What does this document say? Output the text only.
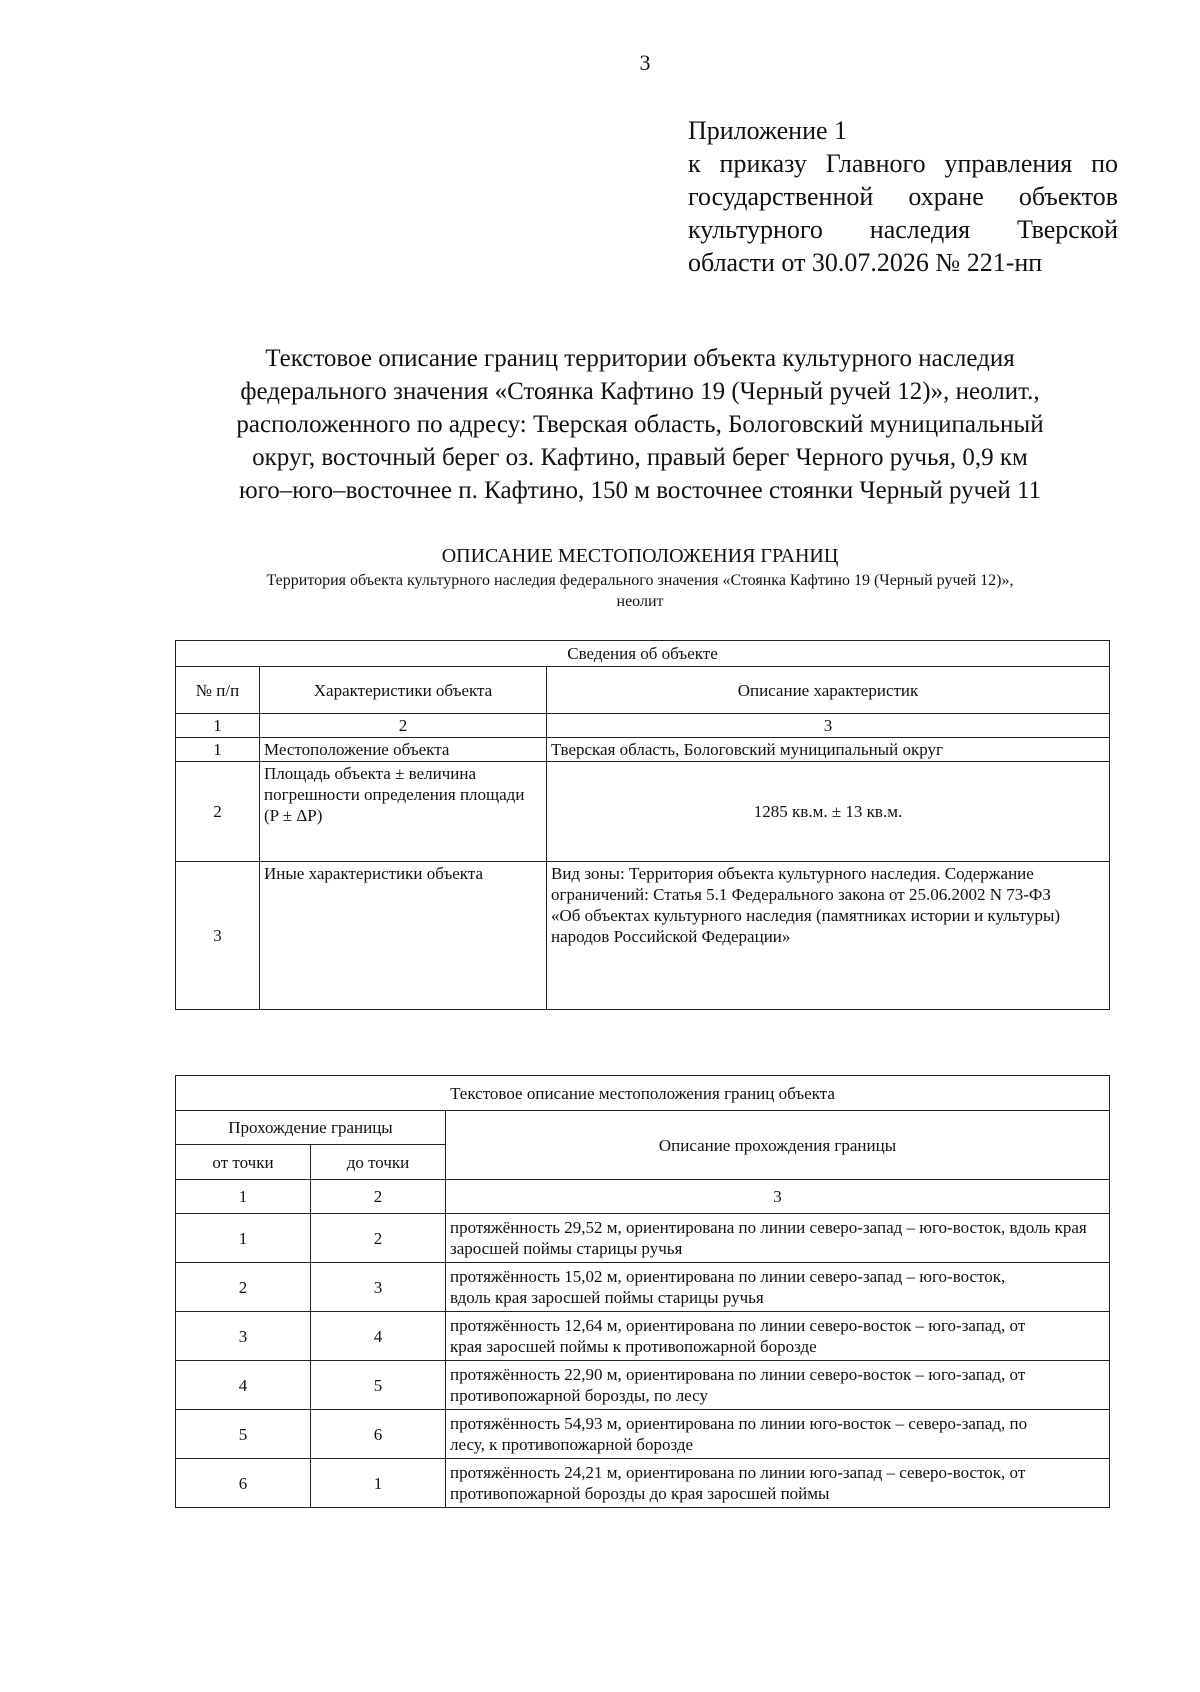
3
Приложение 1
к приказу Главного управления по
государственной охране объектов
культурного наследия Тверской
области от 30.07.2026 № 221-нп
Текстовое описание границ территории объекта культурного наследия
федерального значения «Стоянка Кафтино 19 (Черный ручей 12)», неолит.,
расположенного по адресу: Тверская область, Бологовский муниципальный
округ, восточный берег оз. Кафтино, правый берег Черного ручья, 0,9 км
юго–юго–восточнее п. Кафтино, 150 м восточнее стоянки Черный ручей 11
ОПИСАНИЕ МЕСТОПОЛОЖЕНИЯ ГРАНИЦ
Территория объекта культурного наследия федерального значения «Стоянка Кафтино 19 (Черный ручей 12)»,
неолит
Сведения об объекте		
№ п/п	Характеристики объекта	Описание характеристик
1	2	3
1	Местоположение объекта	Тверская область, Бологовский муниципальный округ
2	Площадь объекта ± величина погрешности определения площади (P ± ΔP)	1285 кв.м. ± 13 кв.м.
3	Иные характеристики объекта	Вид зоны: Территория объекта культурного наследия. Содержание ограничений: Статья 5.1 Федерального закона от 25.06.2002 N 73-ФЗ «Об объектах культурного наследия (памятниках истории и культуры) народов Российской Федерации»
Текстовое описание местоположения границ объекта		
Прохождение границы		Описание прохождения границы
от точки	до точки	
1	2	3
1	2	протяжённость 29,52 м, ориентирована по линии северо-запад – юго-восток, вдоль края заросшей поймы старицы ручья
2	3	протяжённость 15,02 м, ориентирована по линии северо-запад – юго-восток, вдоль края заросшей поймы старицы ручья
3	4	протяжённость 12,64 м, ориентирована по линии северо-восток – юго-запад, от края заросшей поймы к противопожарной борозде
4	5	протяжённость 22,90 м, ориентирована по линии северо-восток – юго-запад, от противопожарной борозды, по лесу
5	6	протяжённость 54,93 м, ориентирована по линии юго-восток – северо-запад, по лесу, к противопожарной борозде
6	1	протяжённость 24,21 м, ориентирована по линии юго-запад – северо-восток, от противопожарной борозды до края заросшей поймы
